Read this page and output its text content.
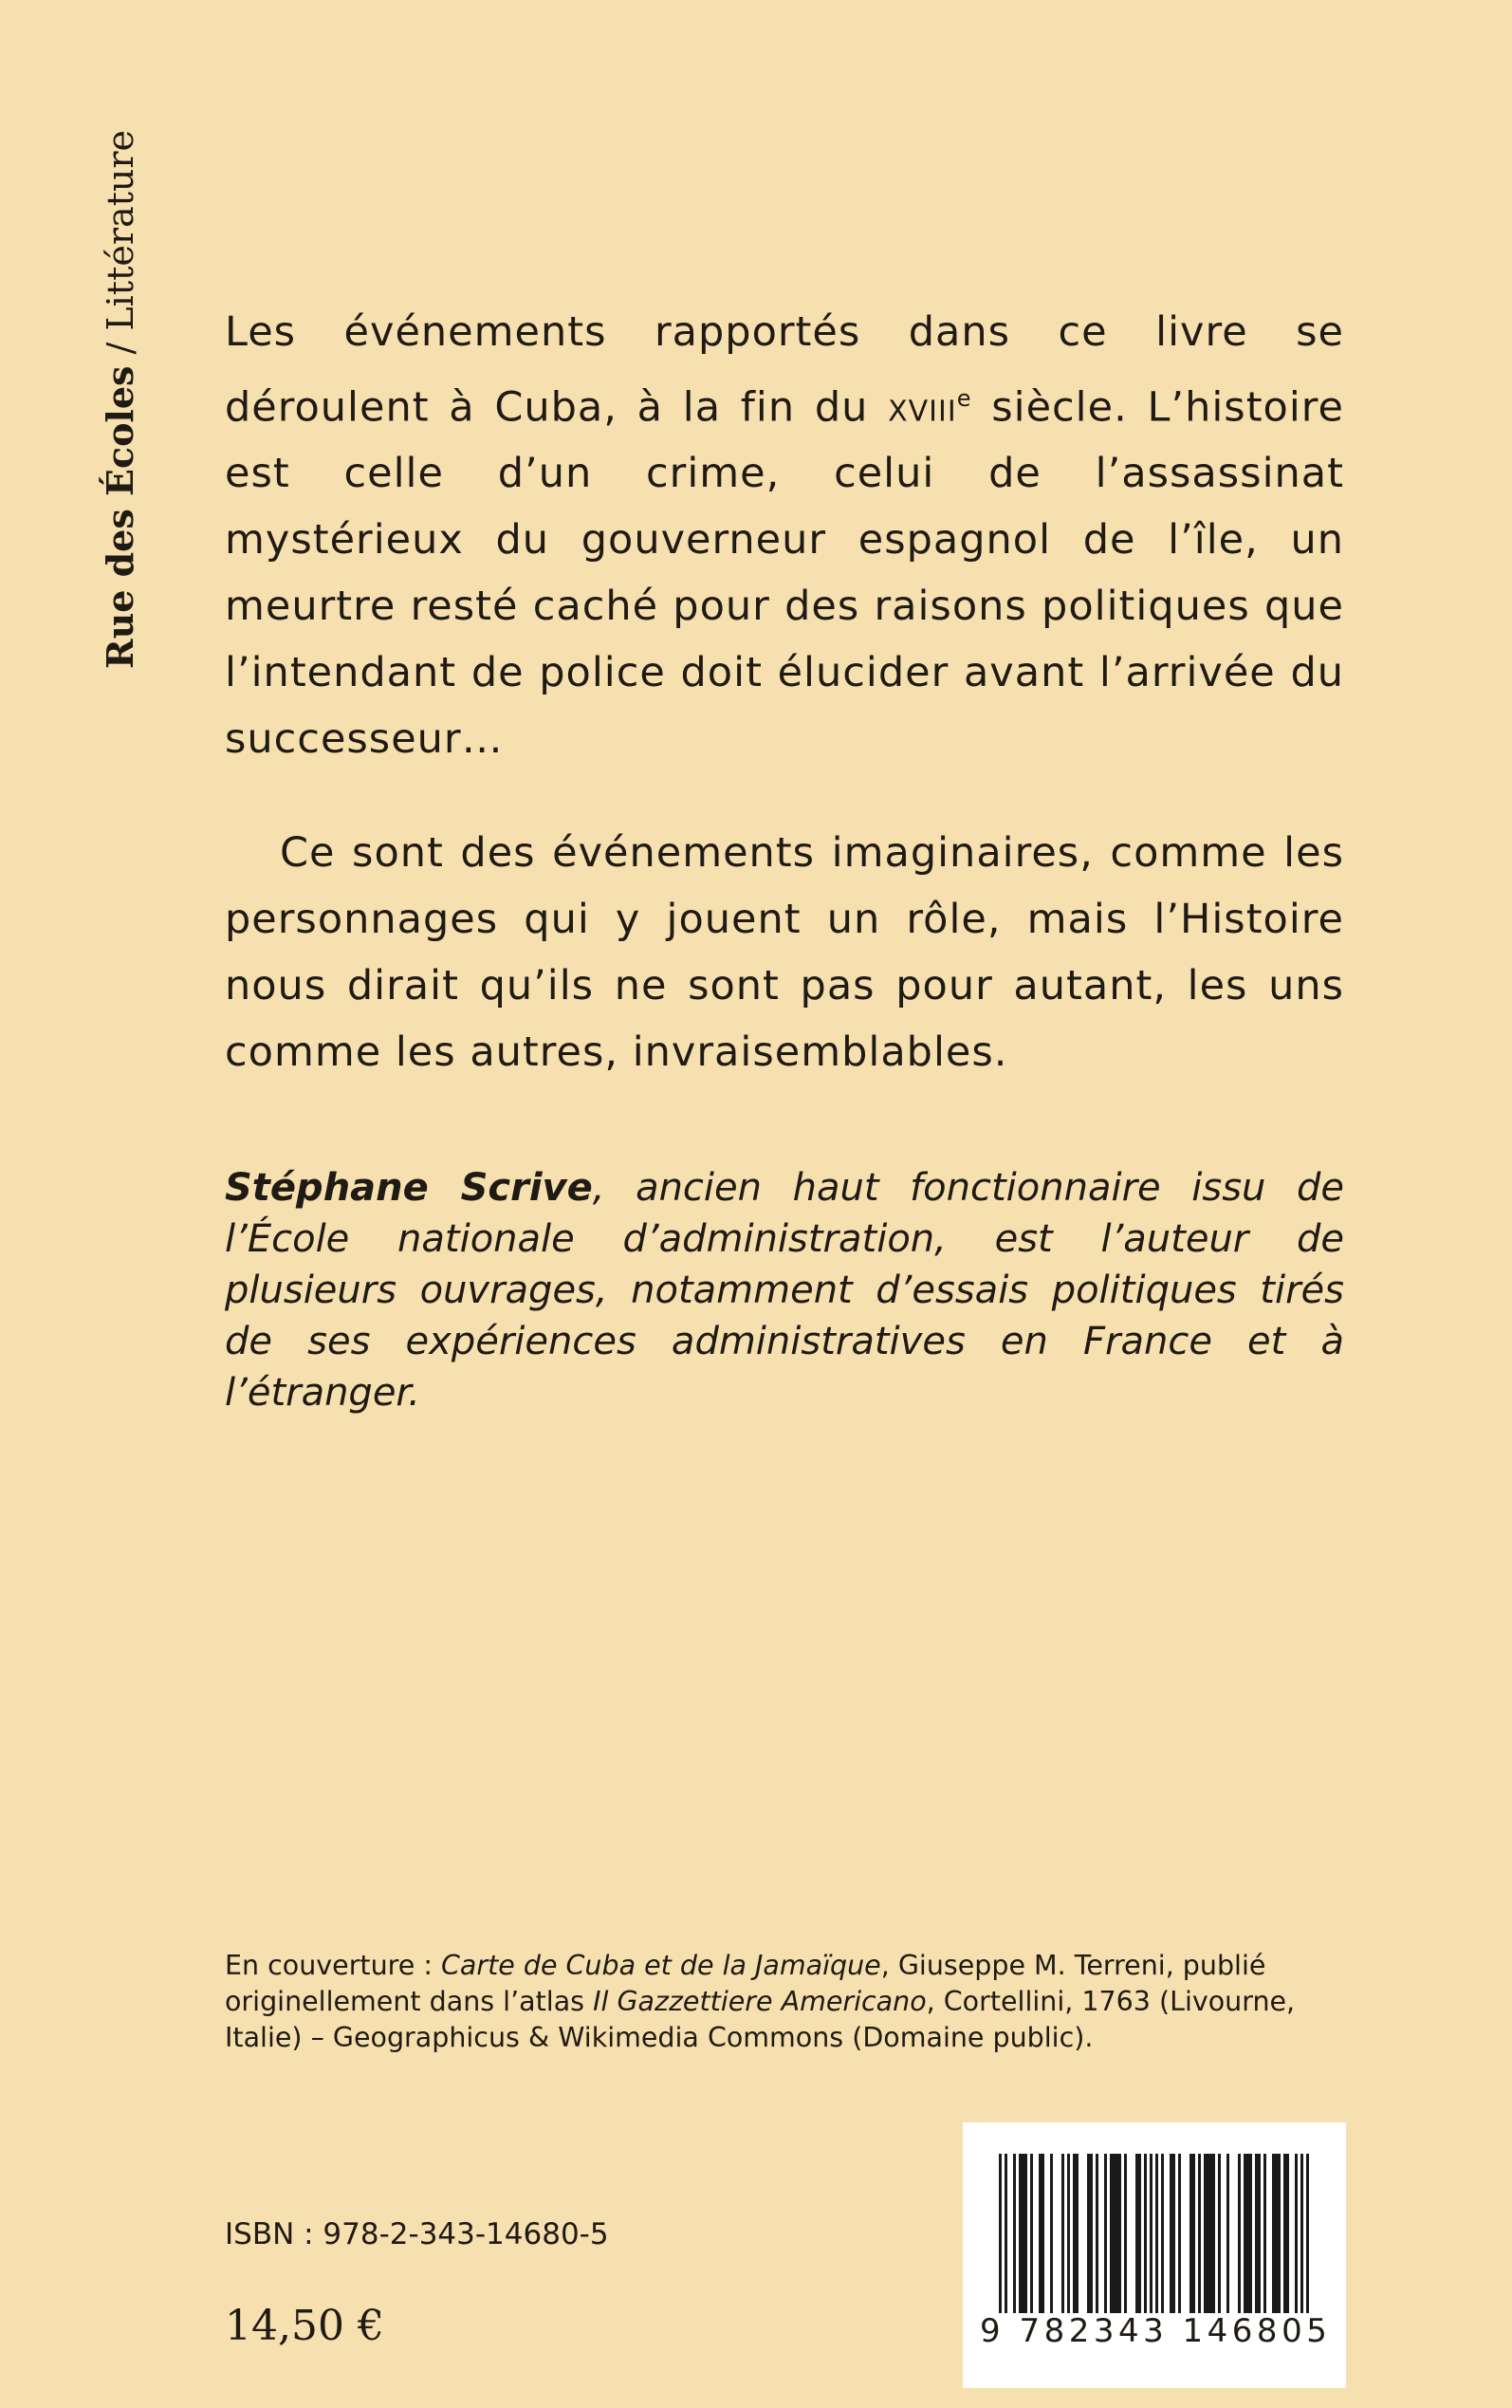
Rue des Écoles / Littérature

Les événements rapportés dans ce livre se déroulent à Cuba, à la fin du xviii$^e$ siècle. L’histoire est celle d’un crime, celui de l’assassinat mystérieux du gouverneur espagnol de l’île, un meurtre resté caché pour des raisons politiques que l’intendant de police doit élucider avant l’arrivée du successeur…

Ce sont des événements imaginaires, comme les personnages qui y jouent un rôle, mais l’Histoire nous dirait qu’ils ne sont pas pour autant, les uns comme les autres, invraisemblables.

Stéphane Scrive, ancien haut fonctionnaire issu de l’École nationale d’administration, est l’auteur de plusieurs ouvrages, notamment d’essais politiques tirés de ses expériences administratives en France et à l’étranger.

En couverture : Carte de Cuba et de la Jamaïque, Giuseppe M. Terreni, publié originellement dans l’atlas Il Gazzettiere Americano, Cortellini, 1763 (Livourne, Italie) – Geographicus & Wikimedia Commons (Domaine public).

ISBN : 978-2-343-14680-5
14,50 €	9 782343 146805
